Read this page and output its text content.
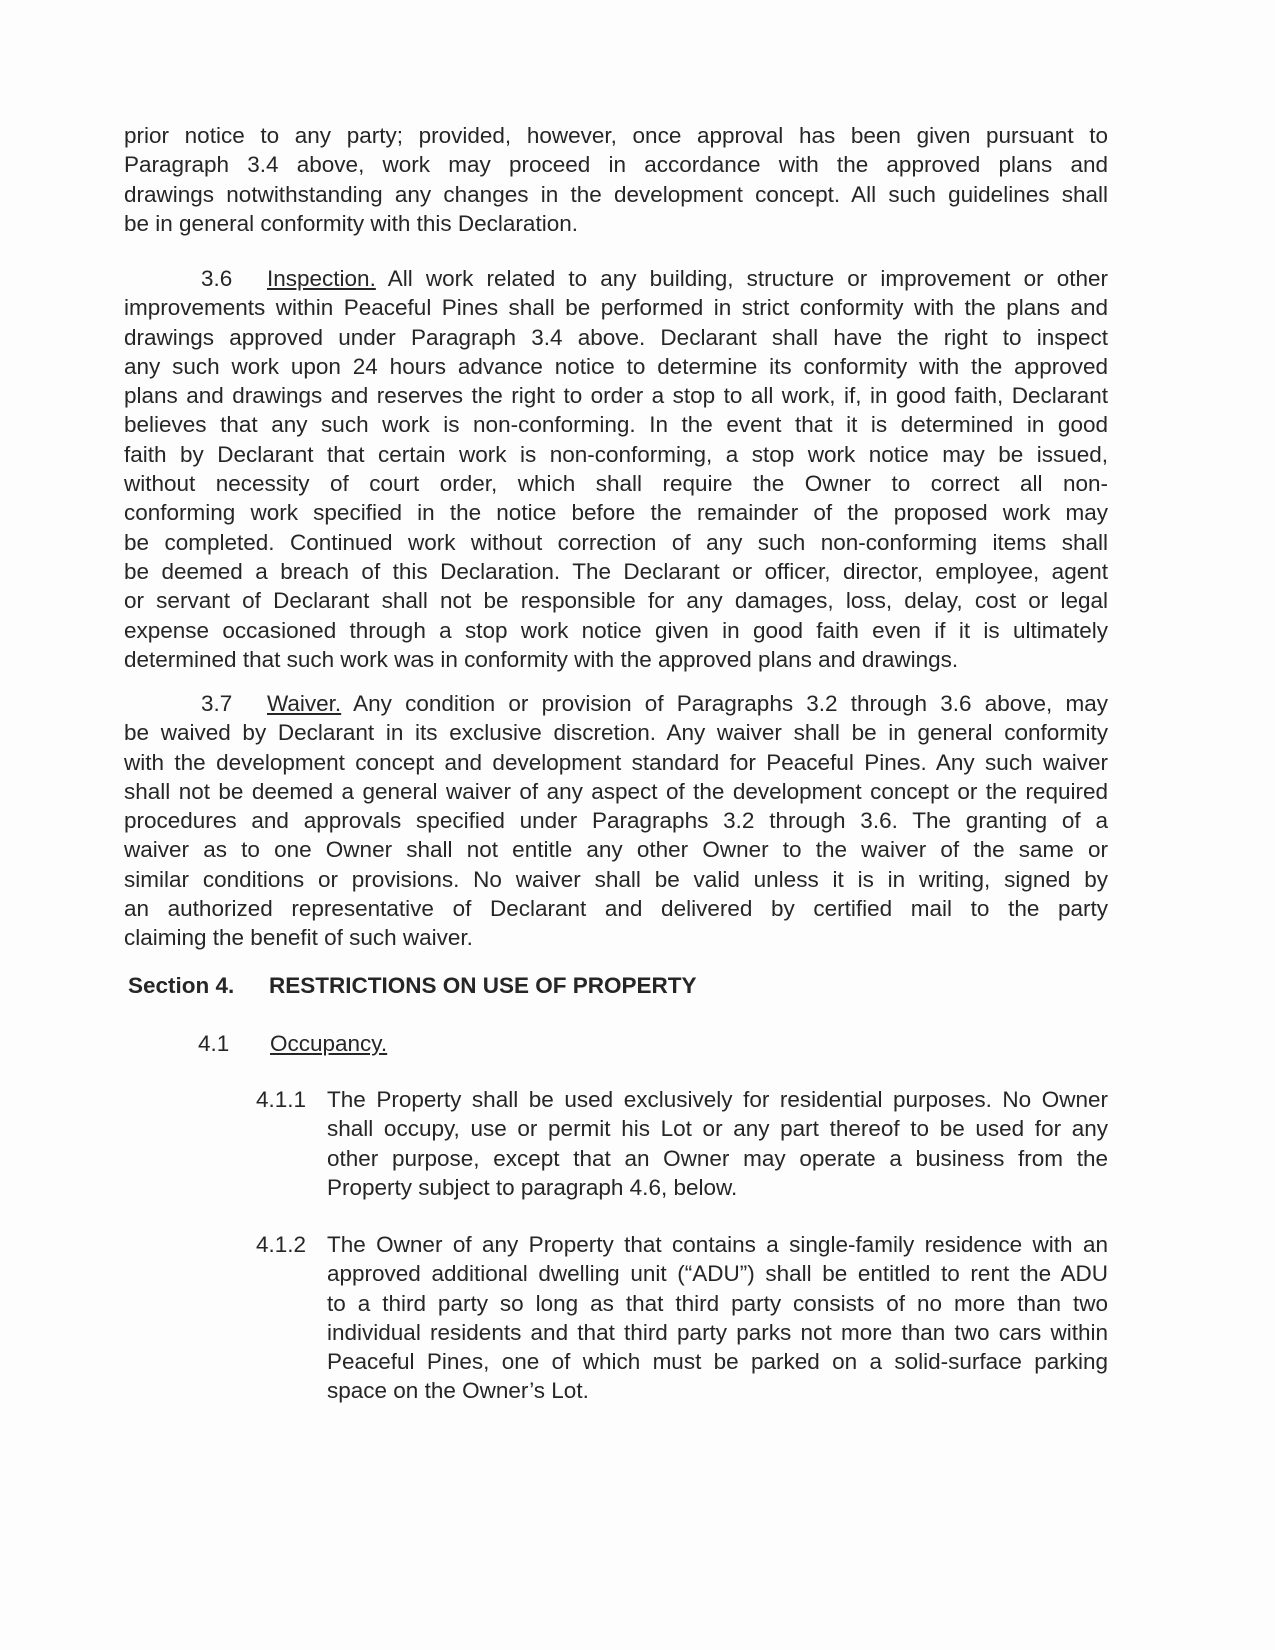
prior notice to any party; provided, however, once approval has been given pursuant to
Paragraph 3.4 above, work may proceed in accordance with the approved plans and
drawings notwithstanding any changes in the development concept. All such guidelines shall
be in general conformity with this Declaration.
3.6 Inspection. All work related to any building, structure or improvement or other
improvements within Peaceful Pines shall be performed in strict conformity with the plans and
drawings approved under Paragraph 3.4 above. Declarant shall have the right to inspect
any such work upon 24 hours advance notice to determine its conformity with the approved
plans and drawings and reserves the right to order a stop to all work, if, in good faith, Declarant
believes that any such work is non-conforming. In the event that it is determined in good
faith by Declarant that certain work is non-conforming, a stop work notice may be issued,
without necessity of court order, which shall require the Owner to correct all non-
conforming work specified in the notice before the remainder of the proposed work may
be completed. Continued work without correction of any such non-conforming items shall
be deemed a breach of this Declaration. The Declarant or officer, director, employee, agent
or servant of Declarant shall not be responsible for any damages, loss, delay, cost or legal
expense occasioned through a stop work notice given in good faith even if it is ultimately
determined that such work was in conformity with the approved plans and drawings.
3.7 Waiver. Any condition or provision of Paragraphs 3.2 through 3.6 above, may
be waived by Declarant in its exclusive discretion. Any waiver shall be in general conformity
with the development concept and development standard for Peaceful Pines. Any such waiver
shall not be deemed a general waiver of any aspect of the development concept or the required
procedures and approvals specified under Paragraphs 3.2 through 3.6. The granting of a
waiver as to one Owner shall not entitle any other Owner to the waiver of the same or
similar conditions or provisions. No waiver shall be valid unless it is in writing, signed by
an authorized representative of Declarant and delivered by certified mail to the party
claiming the benefit of such waiver.
Section 4. RESTRICTIONS ON USE OF PROPERTY
4.1 Occupancy.
4.1.1 The Property shall be used exclusively for residential purposes. No Owner
shall occupy, use or permit his Lot or any part thereof to be used for any
other purpose, except that an Owner may operate a business from the
Property subject to paragraph 4.6, below.
4.1.2 The Owner of any Property that contains a single-family residence with an
approved additional dwelling unit (“ADU”) shall be entitled to rent the ADU
to a third party so long as that third party consists of no more than two
individual residents and that third party parks not more than two cars within
Peaceful Pines, one of which must be parked on a solid-surface parking
space on the Owner’s Lot.
